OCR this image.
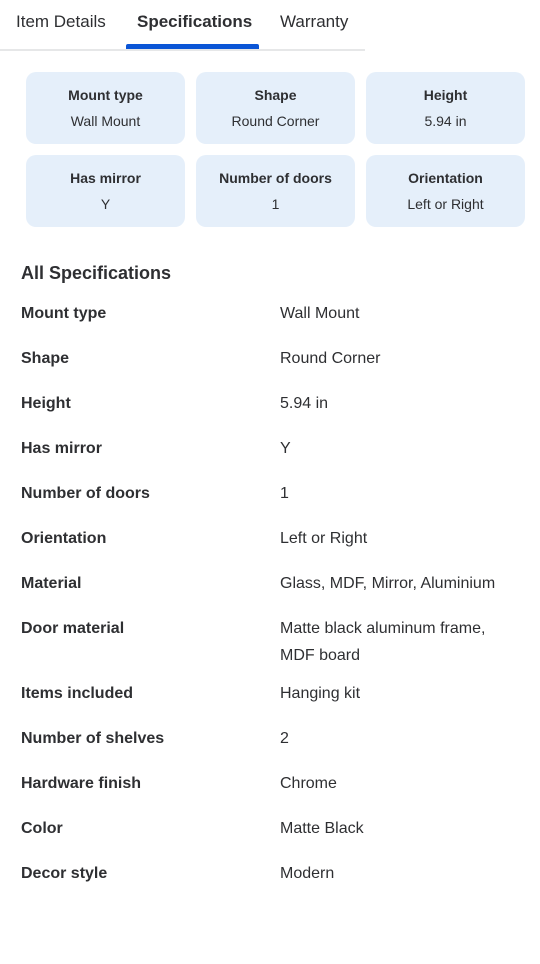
Item Details Specifications Warranty
Mount type
Wall Mount
Shape
Round Corner
Height
5.94 in
Has mirror
Y
Number of doors
1
Orientation
Left or Right
All Specifications
Mount type	Wall Mount
Shape	Round Corner
Height	5.94 in
Has mirror	Y
Number of doors	1
Orientation	Left or Right
Material	Glass, MDF, Mirror, Aluminium
Door material	Matte black aluminum frame, MDF board
Items included	Hanging kit
Number of shelves	2
Hardware finish	Chrome
Color	Matte Black
Decor style	Modern
